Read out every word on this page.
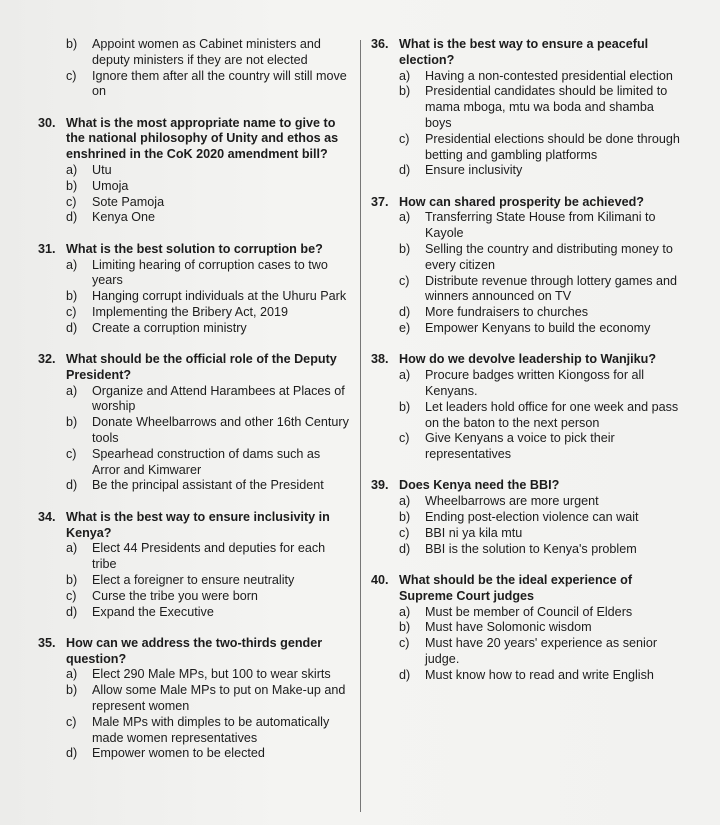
b)	Appoint women as Cabinet ministers and deputy ministers if they are not elected
c)	Ignore them after all the country will still move on
30. What is the most appropriate name to give to the national philosophy of Unity and ethos as enshrined in the CoK 2020 amendment bill?
a)	Utu
b)	Umoja
c)	Sote Pamoja
d)	Kenya One
31. What is the best solution to corruption be?
a)	Limiting hearing of corruption cases to two years
b)	Hanging corrupt individuals at the Uhuru Park
c)	Implementing the Bribery Act, 2019
d)	Create a corruption ministry
32. What should be the official role of the Deputy President?
a)	Organize and Attend Harambees at Places of worship
b)	Donate Wheelbarrows and other 16th Century tools
c)	Spearhead construction of dams such as Arror and Kimwarer
d)	Be the principal assistant of the President
34. What is the best way to ensure inclusivity in Kenya?
a)	Elect 44 Presidents and deputies for each tribe
b)	Elect a foreigner to ensure neutrality
c)	Curse the tribe you were born
d)	Expand the Executive
35. How can we address the two-thirds gender question?
a)	Elect 290 Male MPs, but 100 to wear skirts
b)	Allow some Male MPs to put on Make-up and represent women
c)	Male MPs with dimples to be automatically made women representatives
d)	Empower women to be elected
36. What is the best way to ensure a peaceful election?
a)	Having a non-contested presidential election
b)	Presidential candidates should be limited to mama mboga, mtu wa boda and shamba boys
c)	Presidential elections should be done through betting and gambling platforms
d)	Ensure inclusivity
37. How can shared prosperity be achieved?
a)	Transferring State House from Kilimani to Kayole
b)	Selling the country and distributing money to every citizen
c)	Distribute revenue through lottery games and winners announced on TV
d)	More fundraisers to churches
e)	Empower Kenyans to build the economy
38. How do we devolve leadership to Wanjiku?
a)	Procure badges written Kiongoss for all Kenyans.
b)	Let leaders hold office for one week and pass on the baton to the next person
c)	Give Kenyans a voice to pick their representatives
39. Does Kenya need the BBI?
a)	Wheelbarrows are more urgent
b)	Ending post-election violence can wait
c)	BBI ni ya kila mtu
d)	BBI is the solution to Kenya's problem
40. What should be the ideal experience of Supreme Court judges
a)	Must be member of Council of Elders
b)	Must have Solomonic wisdom
c)	Must have 20 years' experience as senior judge.
d)	Must know how to read and write English
